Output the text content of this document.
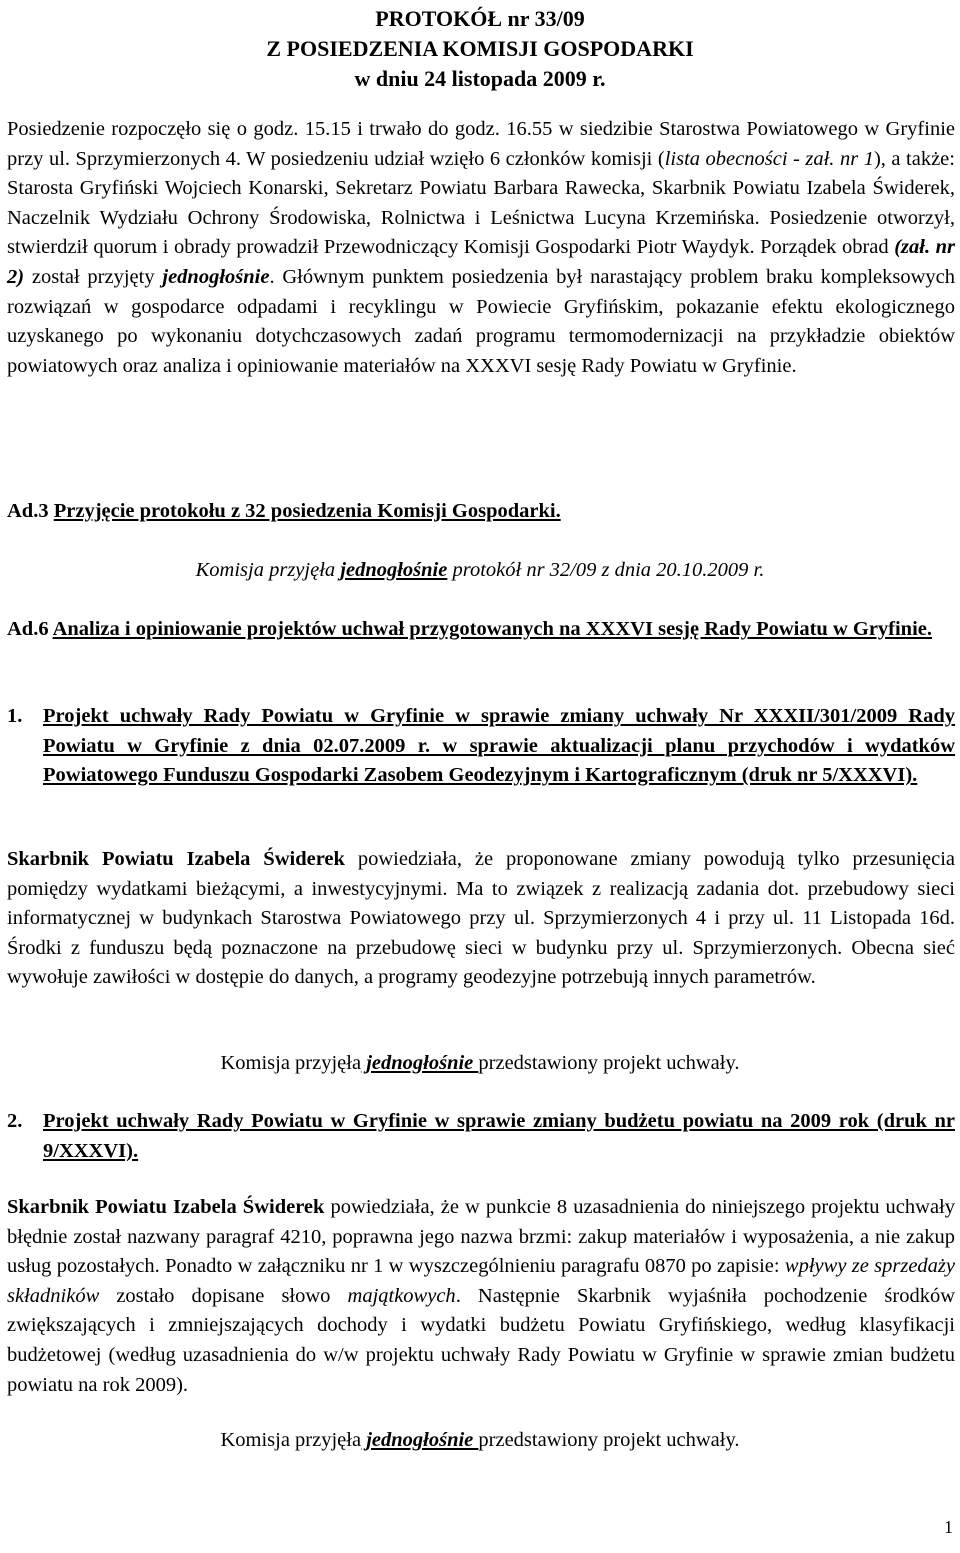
PROTOKÓŁ nr 33/09
Z POSIEDZENIA KOMISJI GOSPODARKI
w dniu 24 listopada 2009 r.
Posiedzenie rozpoczęło się o godz. 15.15 i trwało do godz. 16.55 w siedzibie Starostwa Powiatowego w Gryfinie przy ul. Sprzymierzonych 4. W posiedzeniu udział wzięło 6 członków komisji (lista obecności - zał. nr 1), a także: Starosta Gryfiński Wojciech Konarski, Sekretarz Powiatu Barbara Rawecka, Skarbnik Powiatu Izabela Świderek, Naczelnik Wydziału Ochrony Środowiska, Rolnictwa i Leśnictwa Lucyna Krzemińska. Posiedzenie otworzył, stwierdził quorum i obrady prowadził Przewodniczący Komisji Gospodarki Piotr Waydyk. Porządek obrad (zał. nr 2) został przyjęty jednogłośnie. Głównym punktem posiedzenia był narastający problem braku kompleksowych rozwiązań w gospodarce odpadami i recyklingu w Powiecie Gryfińskim, pokazanie efektu ekologicznego uzyskanego po wykonaniu dotychczasowych zadań programu termomodernizacji na przykładzie obiektów powiatowych oraz analiza i opiniowanie materiałów na XXXVI sesję Rady Powiatu w Gryfinie.
Ad.3 Przyjęcie protokołu z 32 posiedzenia Komisji Gospodarki.
Komisja przyjęła jednogłośnie protokół nr 32/09 z dnia 20.10.2009 r.
Ad.6 Analiza i opiniowanie projektów uchwał przygotowanych na XXXVI sesję Rady Powiatu w Gryfinie.
1. Projekt uchwały Rady Powiatu w Gryfinie w sprawie zmiany uchwały Nr XXXII/301/2009 Rady Powiatu w Gryfinie z dnia 02.07.2009 r. w sprawie aktualizacji planu przychodów i wydatków Powiatowego Funduszu Gospodarki Zasobem Geodezyjnym i Kartograficznym (druk nr 5/XXXVI).
Skarbnik Powiatu Izabela Świderek powiedziała, że proponowane zmiany powodują tylko przesunięcia pomiędzy wydatkami bieżącymi, a inwestycyjnymi. Ma to związek z realizacją zadania dot. przebudowy sieci informatycznej w budynkach Starostwa Powiatowego przy ul. Sprzymierzonych 4 i przy ul. 11 Listopada 16d. Środki z funduszu będą poznaczone na przebudowę sieci w budynku przy ul. Sprzymierzonych. Obecna sieć wywołuje zawiłości w dostępie do danych, a programy geodezyjne potrzebują innych parametrów.
Komisja przyjęła jednogłośnie przedstawiony projekt uchwały.
2. Projekt uchwały Rady Powiatu w Gryfinie w sprawie zmiany budżetu powiatu na 2009 rok (druk nr 9/XXXVI).
Skarbnik Powiatu Izabela Świderek powiedziała, że w punkcie 8 uzasadnienia do niniejszego projektu uchwały błędnie został nazwany paragraf 4210, poprawna jego nazwa brzmi: zakup materiałów i wyposażenia, a nie zakup usług pozostałych. Ponadto w załączniku nr 1 w wyszczególnieniu paragrafu 0870 po zapisie: wpływy ze sprzedaży składników zostało dopisane słowo majątkowych. Następnie Skarbnik wyjaśniła pochodzenie środków zwiększających i zmniejszających dochody i wydatki budżetu Powiatu Gryfińskiego, według klasyfikacji budżetowej (według uzasadnienia do w/w projektu uchwały Rady Powiatu w Gryfinie w sprawie zmian budżetu powiatu na rok 2009).
Komisja przyjęła jednogłośnie przedstawiony projekt uchwały.
1
